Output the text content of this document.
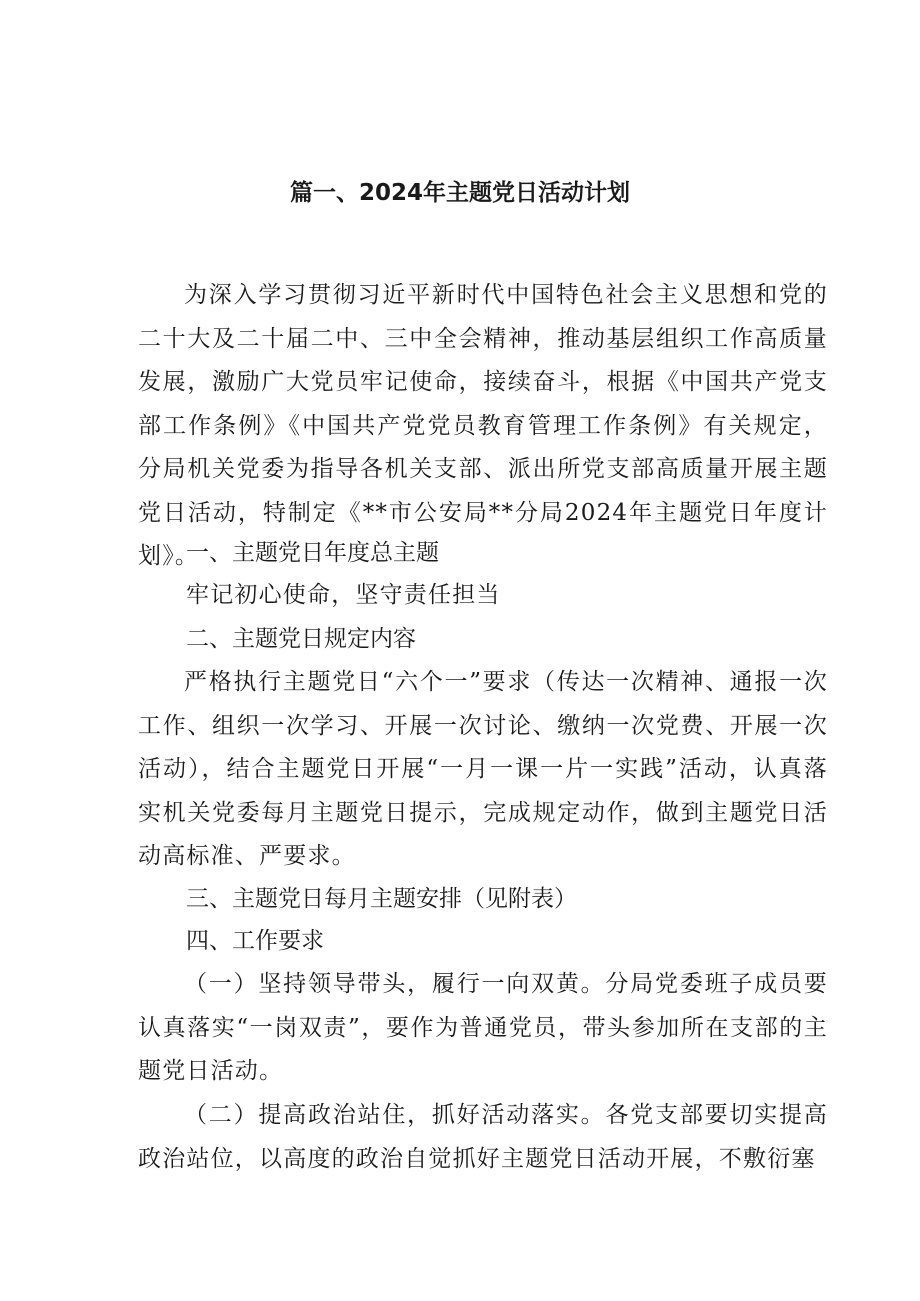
篇一、2024年主题党日活动计划

为深入学习贯彻习近平新时代中国特色社会主义思想和党的二十大及二十届二中、三中全会精神，推动基层组织工作高质量发展，激励广大党员牢记使命，接续奋斗，根据《中国共产党支部工作条例》《中国共产党党员教育管理工作条例》有关规定，分局机关党委为指导各机关支部、派出所党支部高质量开展主题党日活动，特制定《**市公安局**分局2024年主题党日年度计划》。

一、主题党日年度总主题

牢记初心使命，坚守责任担当

二、主题党日规定内容

严格执行主题党日“六个一”要求（传达一次精神、通报一次工作、组织一次学习、开展一次讨论、缴纳一次党费、开展一次活动），结合主题党日开展“一月一课一片一实践”活动，认真落实机关党委每月主题党日提示，完成规定动作，做到主题党日活动高标准、严要求。

三、主题党日每月主题安排（见附表）

四、工作要求

（一）坚持领导带头，履行一向双黄。分局党委班子成员要认真落实“一岗双责”，要作为普通党员，带头参加所在支部的主题党日活动。

（二）提高政治站住，抓好活动落实。各党支部要切实提高政治站位，以高度的政治自觉抓好主题党日活动开展，不敷衍塞
